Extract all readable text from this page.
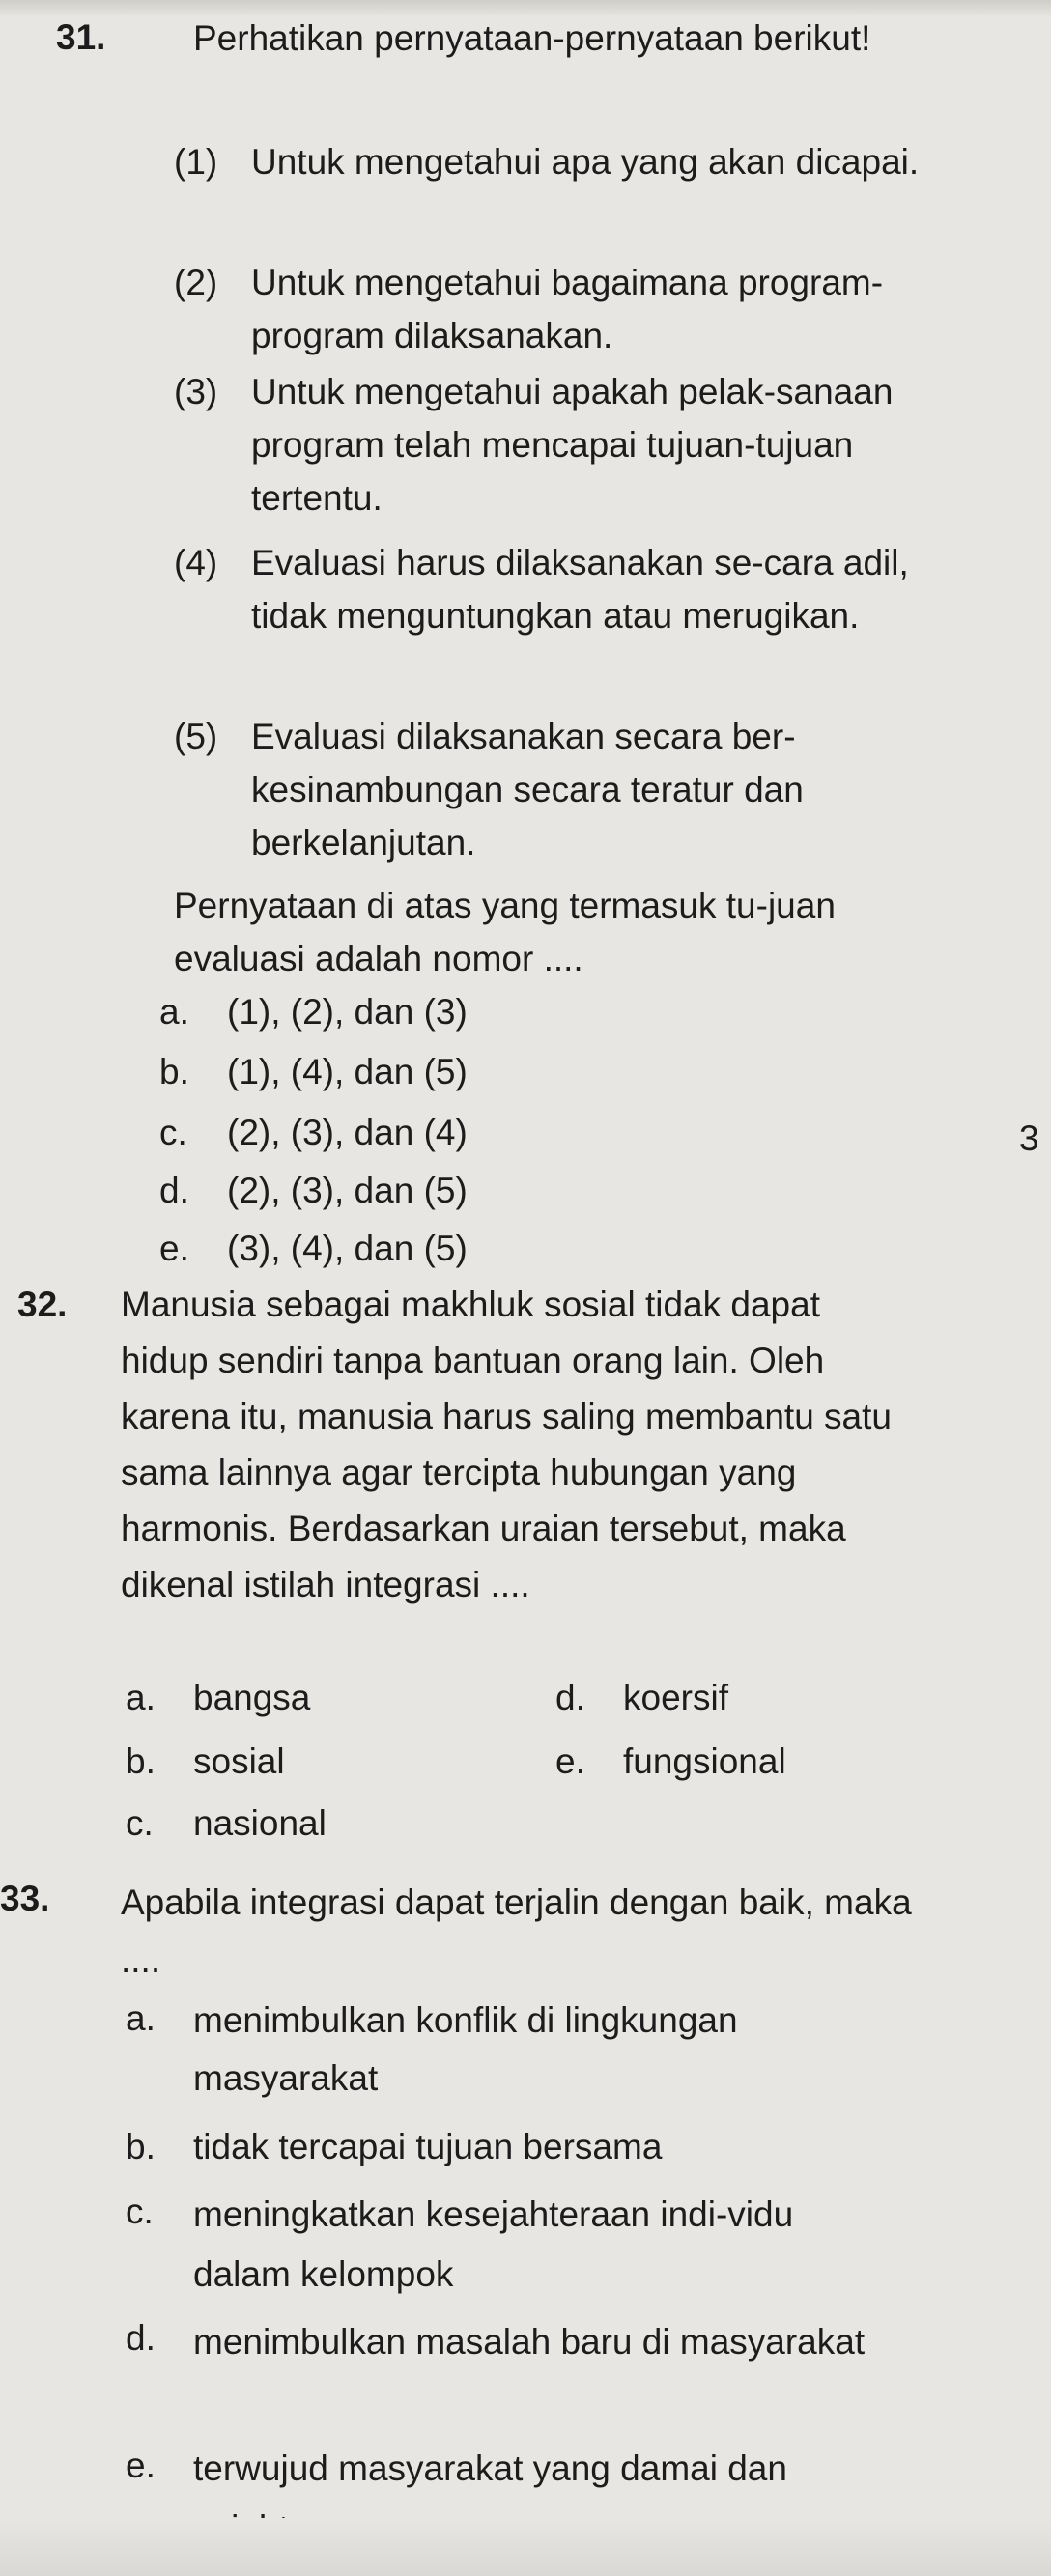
31. Perhatikan pernyataan-pernyataan berikut!
(1) Untuk mengetahui apa yang akan dicapai.
(2) Untuk mengetahui bagaimana program-program dilaksanakan.
(3) Untuk mengetahui apakah pelak-sanaan program telah mencapai tujuan-tujuan tertentu.
(4) Evaluasi harus dilaksanakan se-cara adil, tidak menguntungkan atau merugikan.
(5) Evaluasi dilaksanakan secara ber-kesinambungan secara teratur dan berkelanjutan.
Pernyataan di atas yang termasuk tu-juan evaluasi adalah nomor ....
a. (1), (2), dan (3)
b. (1), (4), dan (5)
c. (2), (3), dan (4)
d. (2), (3), dan (5)
e. (3), (4), dan (5)
3
32. Manusia sebagai makhluk sosial tidak dapat hidup sendiri tanpa bantuan orang lain. Oleh karena itu, manusia harus saling membantu satu sama lainnya agar tercipta hubungan yang harmonis. Berdasarkan uraian tersebut, maka dikenal istilah integrasi ....
a. bangsa
b. sosial
c. nasional
d. koersif
e. fungsional
33. Apabila integrasi dapat terjalin dengan baik, maka ....
a. menimbulkan konflik di lingkungan masyarakat
b. tidak tercapai tujuan bersama
c. meningkatkan kesejahteraan indi-vidu dalam kelompok
d. menimbulkan masalah baru di masyarakat
e. terwujud masyarakat yang damai dan
